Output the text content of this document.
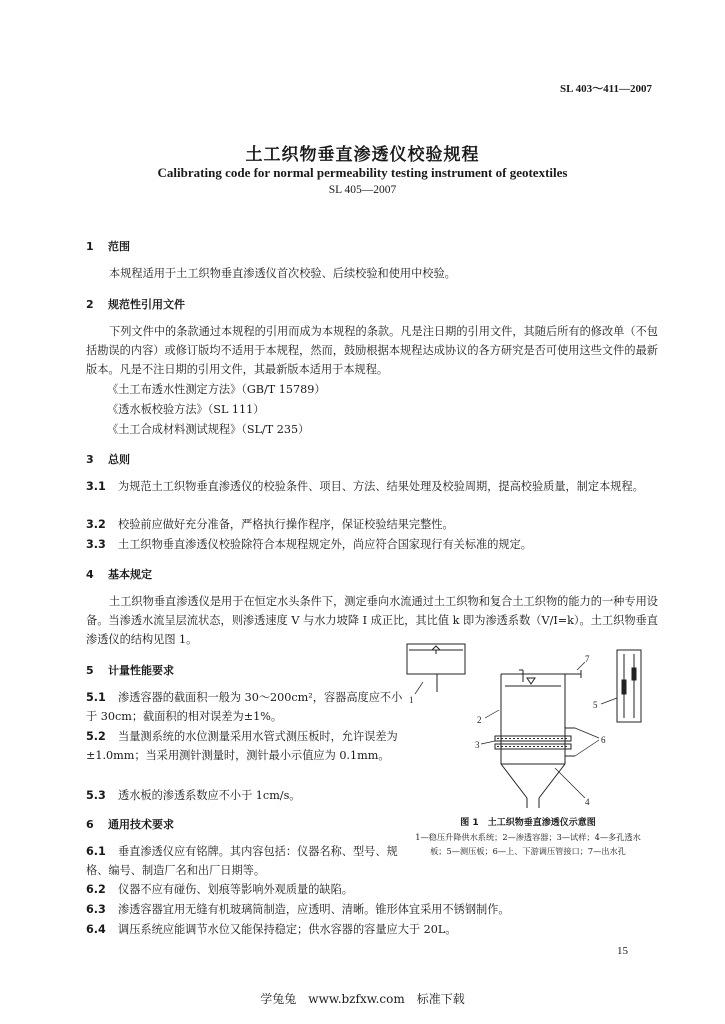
SL 403～411—2007
土工织物垂直渗透仪校验规程
Calibrating code for normal permeability testing instrument of geotextiles
SL 405—2007
1 范围
本规程适用于土工织物垂直渗透仪首次校验、后续校验和使用中校验。
2 规范性引用文件
下列文件中的条款通过本规程的引用而成为本规程的条款。凡是注日期的引用文件，其随后所有的修改单（不包括勘误的内容）或修订版均不适用于本规程，然而，鼓励根据本规程达成协议的各方研究是否可使用这些文件的最新版本。凡是不注日期的引用文件，其最新版本适用于本规程。
《土工布透水性测定方法》（GB/T 15789）
《透水板校验方法》（SL 111）
《土工合成材料测试规程》（SL/T 235）
3 总则
3.1 为规范土工织物垂直渗透仪的校验条件、项目、方法、结果处理及校验周期，提高校验质量，制定本规程。
3.2 校验前应做好充分准备，严格执行操作程序，保证校验结果完整性。
3.3 土工织物垂直渗透仪校验除符合本规程规定外，尚应符合国家现行有关标准的规定。
4 基本规定
土工织物垂直渗透仪是用于在恒定水头条件下，测定垂向水流通过土工织物和复合土工织物的能力的一种专用设备。当渗透水流呈层流状态，则渗透速度 V 与水力坡降 I 成正比，其比值 k 即为渗透系数（V/I=k）。土工织物垂直渗透仪的结构见图 1。
5 计量性能要求
5.1 渗透容器的截面积一般为 30～200cm²，容器高度应不小于 30cm；截面积的相对误差为±1%。
5.2 当量测系统的水位测量采用水管式测压板时，允许误差为±1.0mm；当采用测针测量时，测针最小示值应为 0.1mm。
5.3 透水板的渗透系数应不小于 1cm/s。
6 通用技术要求
6.1 垂直渗透仪应有铭牌。其内容包括：仪器名称、型号、规格、编号、制造厂名和出厂日期等。
6.2 仪器不应有碰伤、划痕等影响外观质量的缺陷。
6.3 渗透容器宜用无缝有机玻璃筒制造，应透明、清晰。锥形体宜采用不锈钢制作。
6.4 调压系统应能调节水位又能保持稳定；供水容器的容量应大于 20L。
1
7
2
3	6
4
5
图 1　土工织物垂直渗透仪示意图
1—稳压升降供水系统；2—渗透容器；3—试样；4—多孔透水板；5—测压板；6—上、下游调压管接口；7—出水孔
15
学兔兔　www.bzfxw.com　标准下载
